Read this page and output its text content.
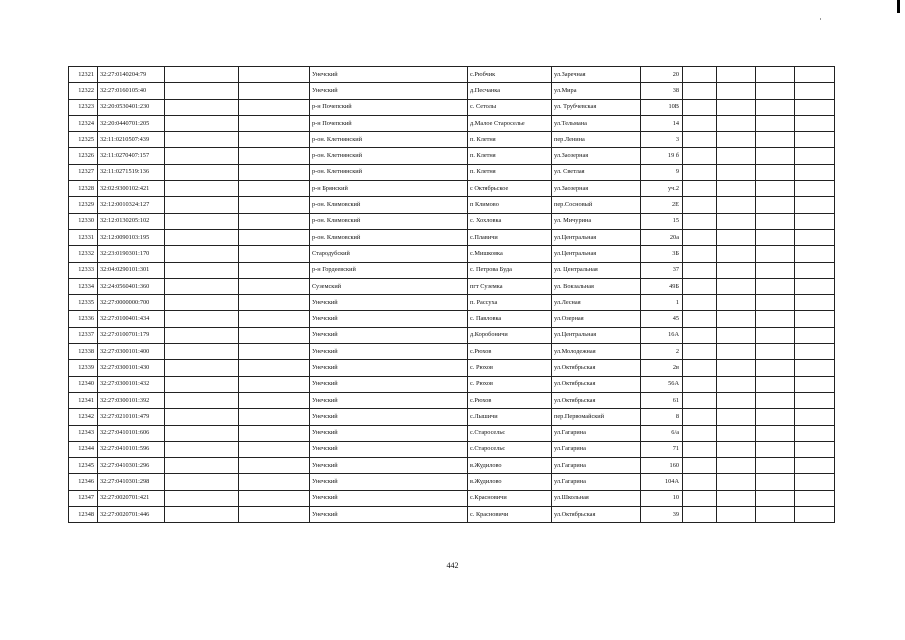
12321	32:27:0140204:79			Унечский	с.Рюбчик	ул.Заречная	20				
12322	32:27:0160105:40			Унечский	д.Песчанка	ул.Мира	38				
12323	32:20:0530401:230			р-н Почепский	с. Сетолы	ул. Трубчевская	10В				
12324	32:20:0440701:205			р-н Почепский	д.Малое Староселье	ул.Тельмана	14				
12325	32:11:0210507:439			р-он. Клетнянский	п. Клетня	пер.Ленина	3				
12326	32:11:0270407:157			р-он. Клетнянский	п. Клетня	ул.Заозерная	19 б				
12327	32:11:0271519:136			р-он. Клетнянский	п. Клетня	ул. Светлая	9				
12328	32:02:9300102:421			р-н Брянский	с Октябрьское	ул.Заозерная	уч.2				
12329	32:12:0010324:127			р-он. Климовский	п Климово	пер.Сосновый	2Е				
12330	32:12:0130205:102			р-он. Климовский	с. Хохловка	ул. Мичурина	15				
12331	32:12:0090103:195			р-он. Климовский	с.Плавичи	ул.Центральная	20а				
12332	32:23:0190301:170			Стародубский	с.Мишковка	ул.Центральная	3Б				
12333	32:04:0290101:301			р-н Гордеевский	с. Петрова Буда	ул. Центральная	37				
12334	32:24:0560401:360			Суземский	пгт Суземка	ул. Вокзальная	49Б				
12335	32:27:0000000:700			Унечский	п. Рассуха	ул.Лесная	1				
12336	32:27:0100401:434			Унечский	с. Павловка	ул.Озерная	45				
12337	32:27:0100701:179			Унечский	д.Коробоничи	ул.Центральная	16А				
12338	32:27:0300101:400			Унечский	с.Рюхов	ул.Молодежная	2				
12339	32:27:0300101:430			Унечский	с. Рюхов	ул.Октябрьская	2в				
12340	32:27:0300101:432			Унечский	с. Рюхов	ул.Октябрьская	56А				
12341	32:27:0300101:392			Унечский	с.Рюхов	ул.Октябрьская	61				
12342	32:27:0210101:479			Унечский	с.Лышичи	пер.Первомайский	8				
12343	32:27:0410101:606			Унечский	с.Старосельє	ул.Гагарина	6/а				
12344	32:27:0410101:596			Унечский	с.Старосельє	ул.Гагарина	71				
12345	32:27:0410301:296			Унечский	в.Жудилово	ул.Гагарина	160				
12346	32:27:0410301:298			Унечский	в.Жудилово	ул.Гагарина	104А				
12347	32:27:0020701:421			Унечский	с.Красновичи	ул.Школьная	10				
12348	32:27:0020701:446			Унечский	с. Красновичи	ул.Октябрьская	39				
442
